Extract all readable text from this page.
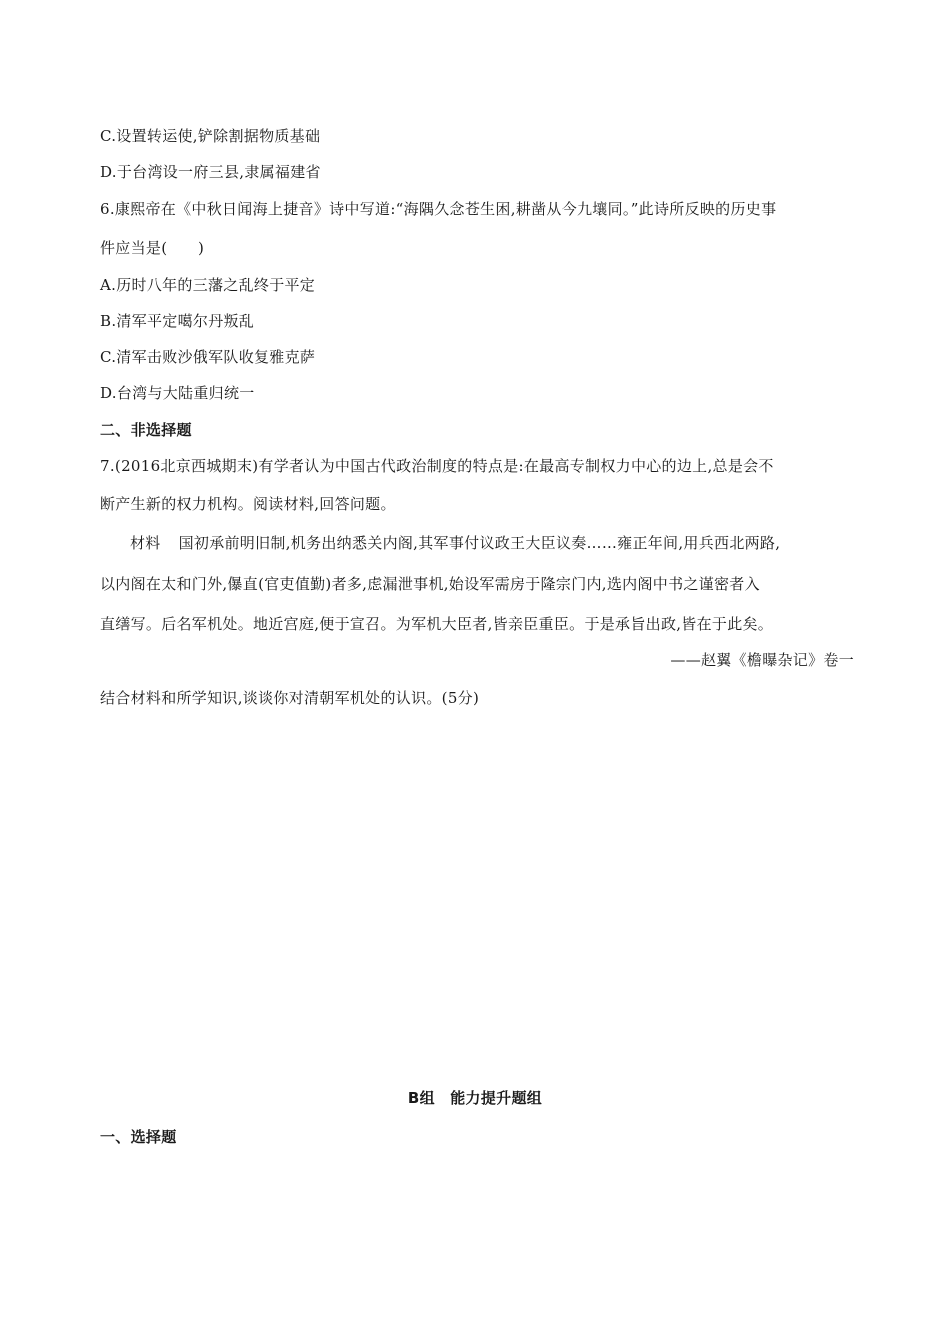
C.设置转运使,铲除割据物质基础
D.于台湾设一府三县,隶属福建省
6.康熙帝在《中秋日闻海上捷音》诗中写道:“海隅久念苍生困,耕凿从今九壤同。”此诗所反映的历史事
件应当是(　　)
A.历时八年的三藩之乱终于平定
B.清军平定噶尔丹叛乱
C.清军击败沙俄军队收复雅克萨
D.台湾与大陆重归统一
二、非选择题
7.(2016北京西城期末)有学者认为中国古代政治制度的特点是:在最高专制权力中心的边上,总是会不
断产生新的权力机构。阅读材料,回答问题。
材料 国初承前明旧制,机务出纳悉关内阁,其军事付议政王大臣议奏……雍正年间,用兵西北两路,
以内阁在太和门外,儤直(官吏值勤)者多,虑漏泄事机,始设军需房于隆宗门内,选内阁中书之谨密者入
直缮写。后名军机处。地近宫庭,便于宣召。为军机大臣者,皆亲臣重臣。于是承旨出政,皆在于此矣。
——赵翼《檐曝杂记》卷一
结合材料和所学知识,谈谈你对清朝军机处的认识。(5分)
B组　能力提升题组
一、选择题
